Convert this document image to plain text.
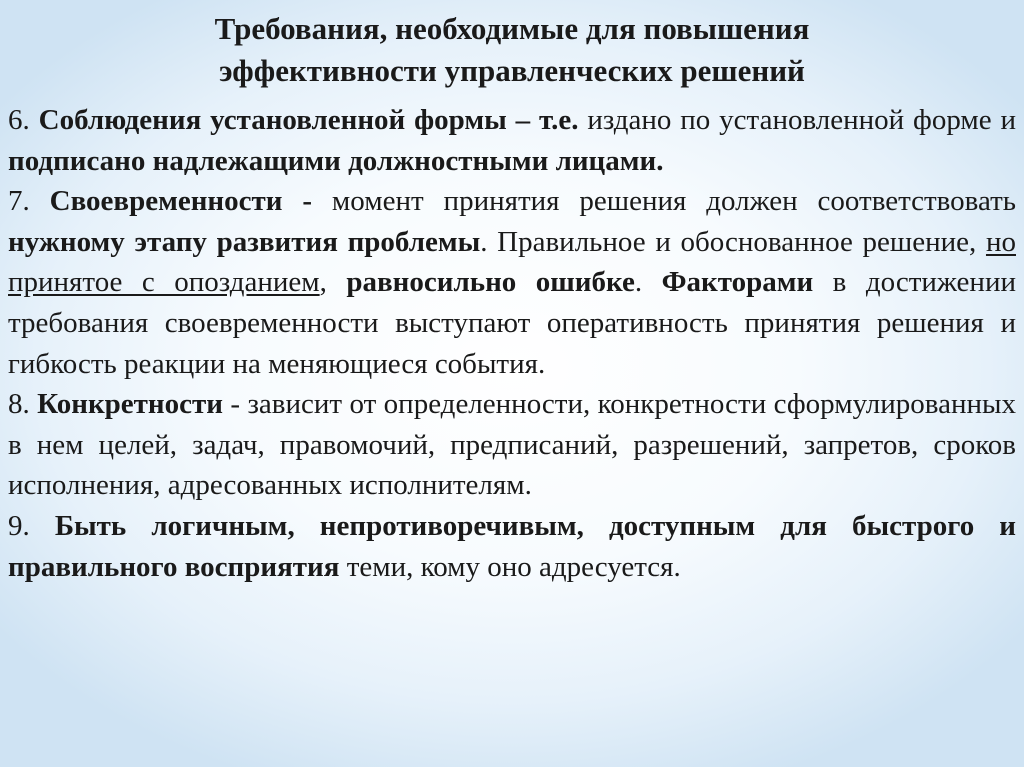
Требования, необходимые для повышения
эффективности управленческих решений

6. Соблюдения установленной формы – т.е. издано по установленной форме и подписано надлежащими должностными лицами.

7. Своевременности - момент принятия решения должен соответствовать нужному этапу развития проблемы. Правильное и обоснованное решение, но принятое с опозданием, равносильно ошибке. Факторами в достижении требования своевременности выступают оперативность принятия решения и гибкость реакции на меняющиеся события.

8. Конкретности - зависит от определенности, конкретности сформулированных в нем целей, задач, правомочий, предписаний, разрешений, запретов, сроков исполнения, адресованных исполнителям.

9. Быть логичным, непротиворечивым, доступным для быстрого и правильного восприятия теми, кому оно адресуется.
